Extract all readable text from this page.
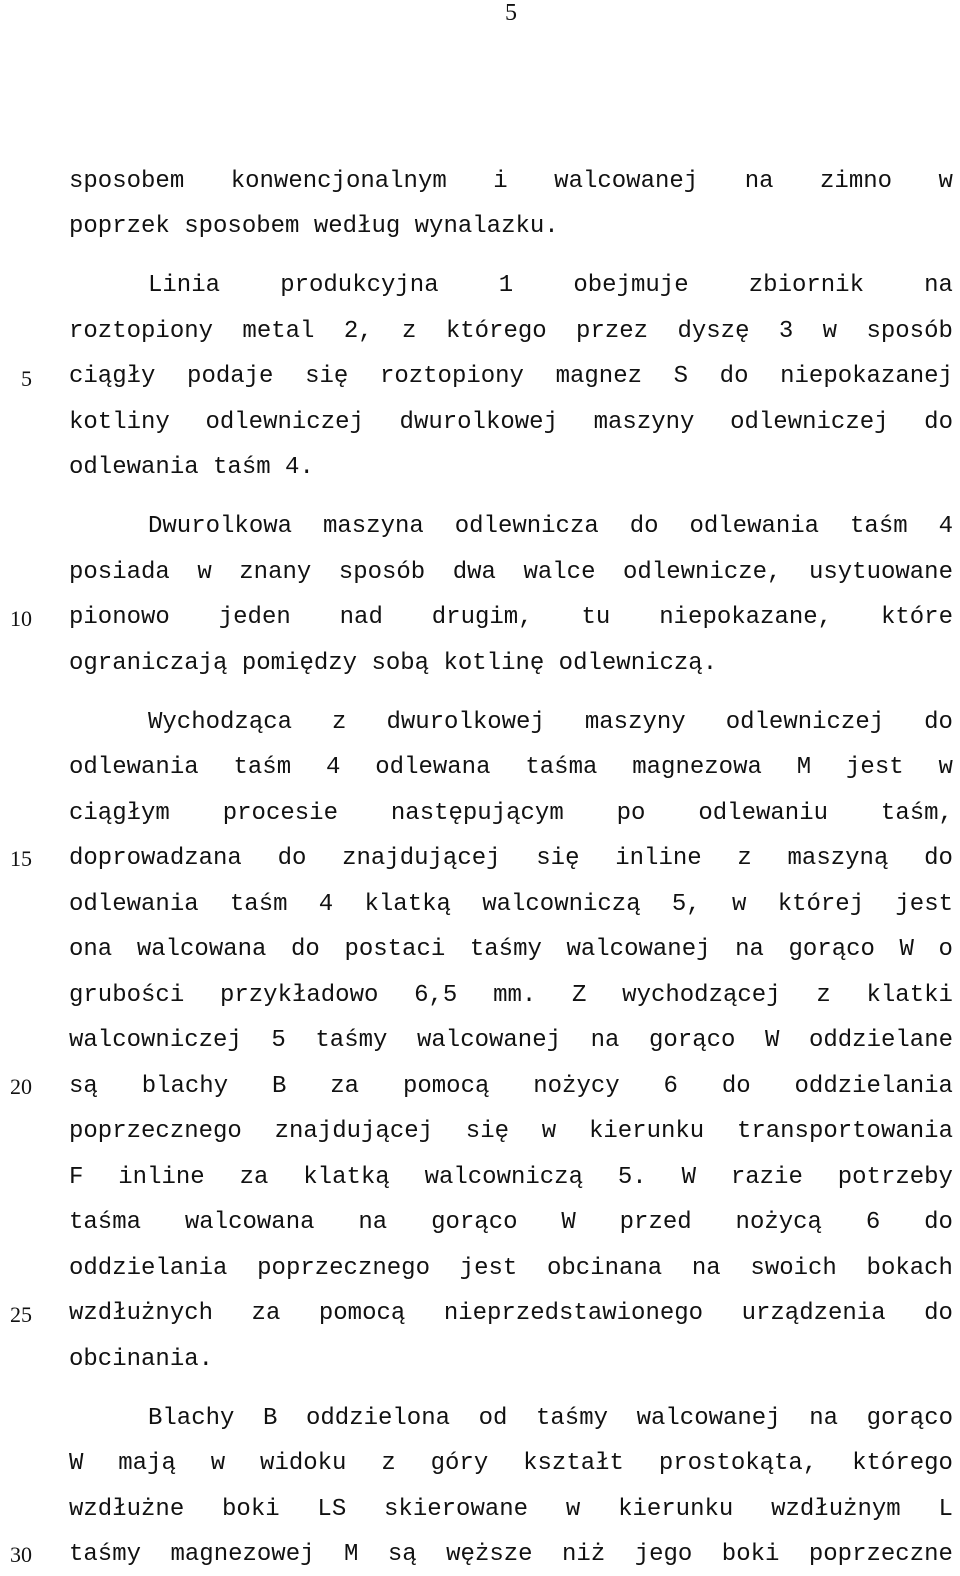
5
5
10
15
20
25
30
sposobem konwencjonalnym i walcowanej na zimno w
poprzek sposobem według wynalazku.
Linia	produkcyjna	1	obejmuje	zbiornik	na
roztopiony metal 2, z którego przez dyszę 3 w sposób
ciągły podaje się roztopiony magnez S do niepokazanej
kotliny odlewniczej dwurolkowej maszyny odlewniczej do
odlewania taśm 4.
Dwurolkowa maszyna odlewnicza do odlewania taśm 4
posiada w znany sposób dwa walce odlewnicze, usytuowane
pionowo jeden nad drugim, tu niepokazane, które
ograniczają pomiędzy sobą kotlinę odlewniczą.
Wychodząca z dwurolkowej maszyny odlewniczej do
odlewania taśm 4 odlewana taśma magnezowa M jest w
ciągłym procesie następującym po odlewaniu taśm,
doprowadzana do znajdującej się inline z maszyną do
odlewania taśm 4 klatką walcowniczą 5, w której jest
ona walcowana do postaci taśmy walcowanej na gorąco W o
grubości przykładowo 6,5 mm. Z wychodzącej z klatki
walcowniczej 5 taśmy walcowanej na gorąco W oddzielane
są blachy B za pomocą nożycy 6 do oddzielania
poprzecznego znajdującej się w kierunku transportowania
F inline za klatką walcowniczą 5. W razie potrzeby
taśma walcowana na gorąco W przed nożycą 6 do
oddzielania poprzecznego jest obcinana na swoich bokach
wzdłużnych za pomocą nieprzedstawionego urządzenia do
obcinania.
Blachy B oddzielona od taśmy walcowanej na gorąco
W mają w widoku z góry kształt prostokąta, którego
wzdłużne boki LS skierowane w kierunku wzdłużnym L
taśmy magnezowej M są węższe niż jego boki poprzeczne
